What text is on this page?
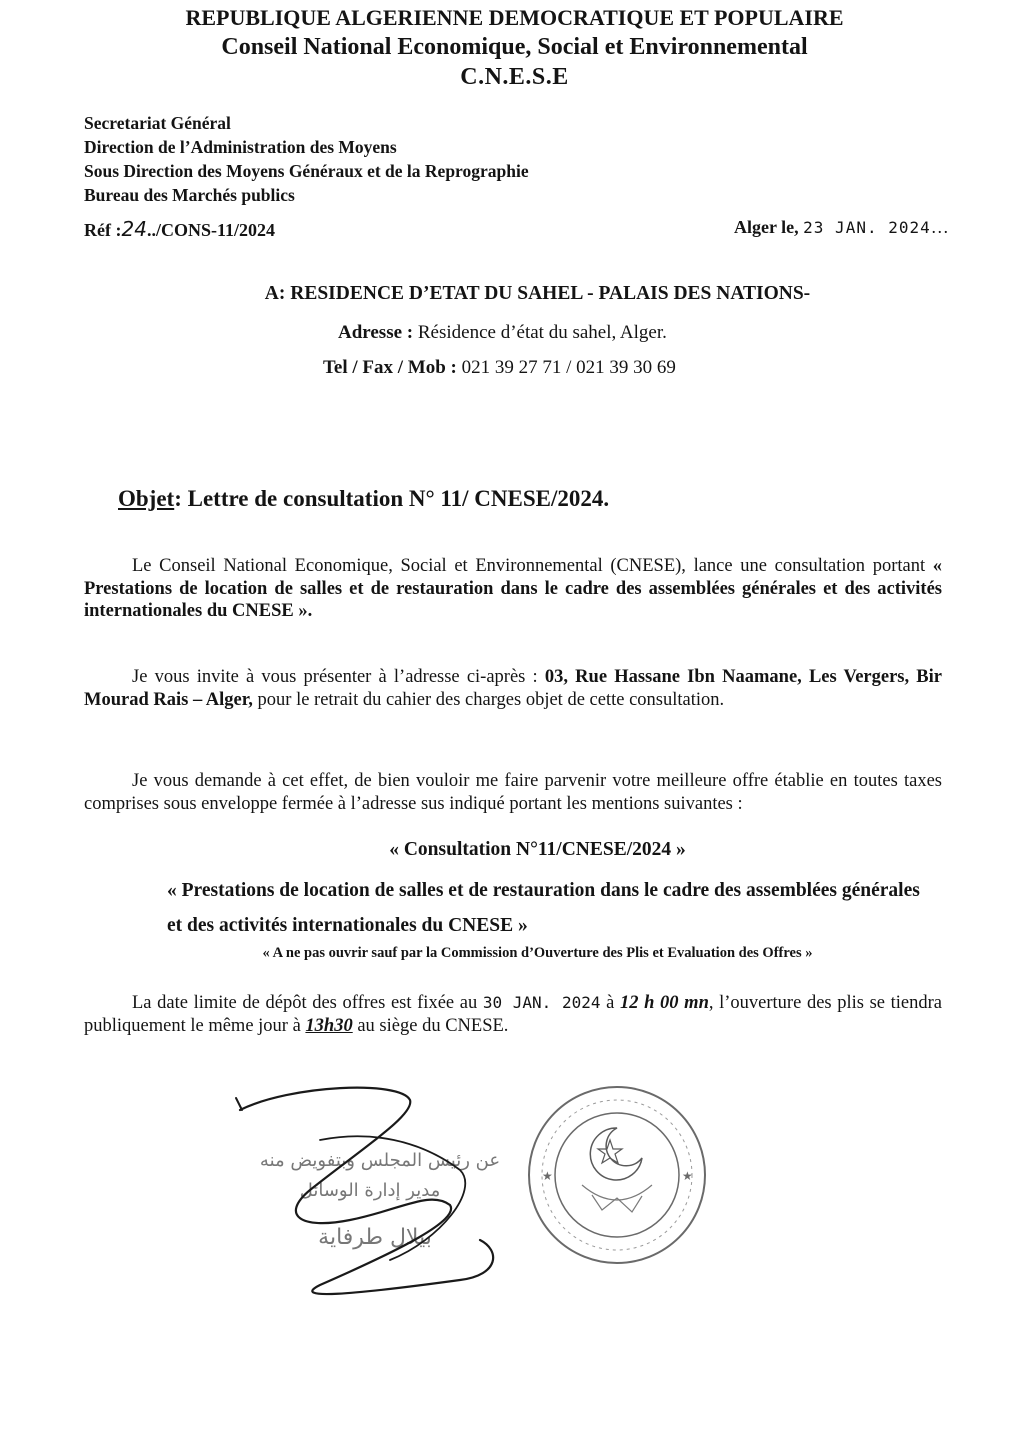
REPUBLIQUE ALGERIENNE DEMOCRATIQUE ET POPULAIRE
Conseil National Economique, Social et Environnemental
C.N.E.S.E
Secretariat Général
Direction de l’Administration des Moyens
Sous Direction des Moyens Généraux et de la Reprographie
Bureau des Marchés publics
Réf :24../CONS-11/2024	Alger le, 23 JAN. 2024…
A: RESIDENCE D’ETAT DU SAHEL - PALAIS DES NATIONS-
Adresse : Résidence d’état du sahel, Alger.
Tel / Fax / Mob : 021 39 27 71 / 021 39 30 69
Objet: Lettre de consultation N° 11/ CNESE/2024.
Le Conseil National Economique, Social et Environnemental (CNESE), lance une consultation portant « Prestations de location de salles et de restauration dans le cadre des assemblées générales et des activités internationales du CNESE ».
Je vous invite à vous présenter à l’adresse ci-après : 03, Rue Hassane Ibn Naamane, Les Vergers, Bir Mourad Rais – Alger, pour le retrait du cahier des charges objet de cette consultation.
Je vous demande à cet effet, de bien vouloir me faire parvenir votre meilleure offre établie en toutes taxes comprises sous enveloppe fermée à l’adresse sus indiqué portant les mentions suivantes :
« Consultation N°11/CNESE/2024 »
« Prestations de location de salles et de restauration dans le cadre des assemblées générales et des activités internationales du CNESE »
« A ne pas ouvrir sauf par la Commission d’Ouverture des Plis et Evaluation des Offres »
La date limite de dépôt des offres est fixée au 30 JAN. 2024 à 12 h 00 mn, l’ouverture des plis se tiendra publiquement le même jour à 13h30 au siège du CNESE.
عن رئيس المجلس وبتفويض منه
مدير إدارة الوسائل
بيلال طرفاية
★	★
